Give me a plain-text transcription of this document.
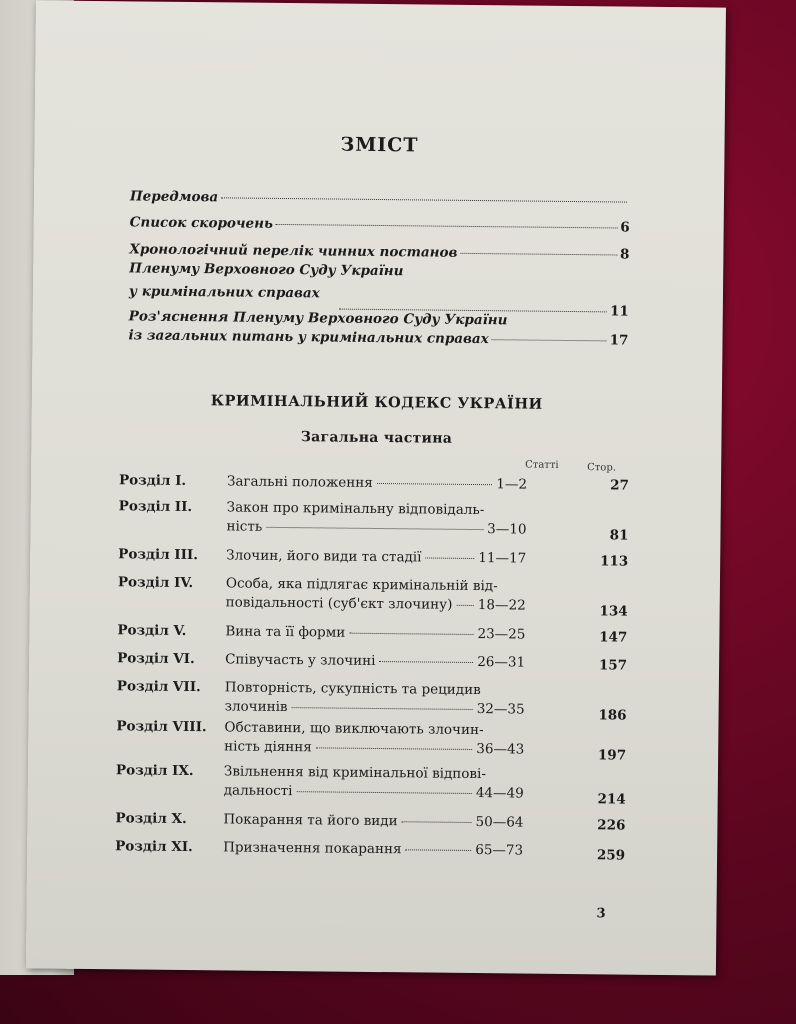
ЗМІСТ
Передмова
Список скорочень	6
Хронологічний перелік чинних постанов	8
Пленуму Верховного Суду України
у кримінальних справах
11
Роз'яснення Пленуму Верховного Суду України
із загальних питань у кримінальних справах	17
КРИМІНАЛЬНИЙ КОДЕКС УКРАЇНИ
Загальна частина
Статті	Стор.
Розділ I.	Загальні положення	1—2	27
Розділ II.	Закон про кримінальну відповідаль-
ність	3—10	81
Розділ III.	Злочин, його види та стадії	11—17	113
Розділ IV.	Особа, яка підлягає кримінальній від-
повідальності (суб'єкт злочину) 18—22	134
Розділ V.	Вина та її форми	23—25	147
Розділ VI.	Співучасть у злочині	26—31	157
Розділ VII.	Повторність, сукупність та рецидив
злочинів	32—35	186
Розділ VIII.	Обставини, що виключають злочин-
ність діяння	36—43	197
Розділ IX.	Звільнення від кримінальної відпові-
дальності	44—49	214
Розділ X.	Покарання та його види	50—64	226
Розділ XI.	Призначення покарання	65—73	259
3
